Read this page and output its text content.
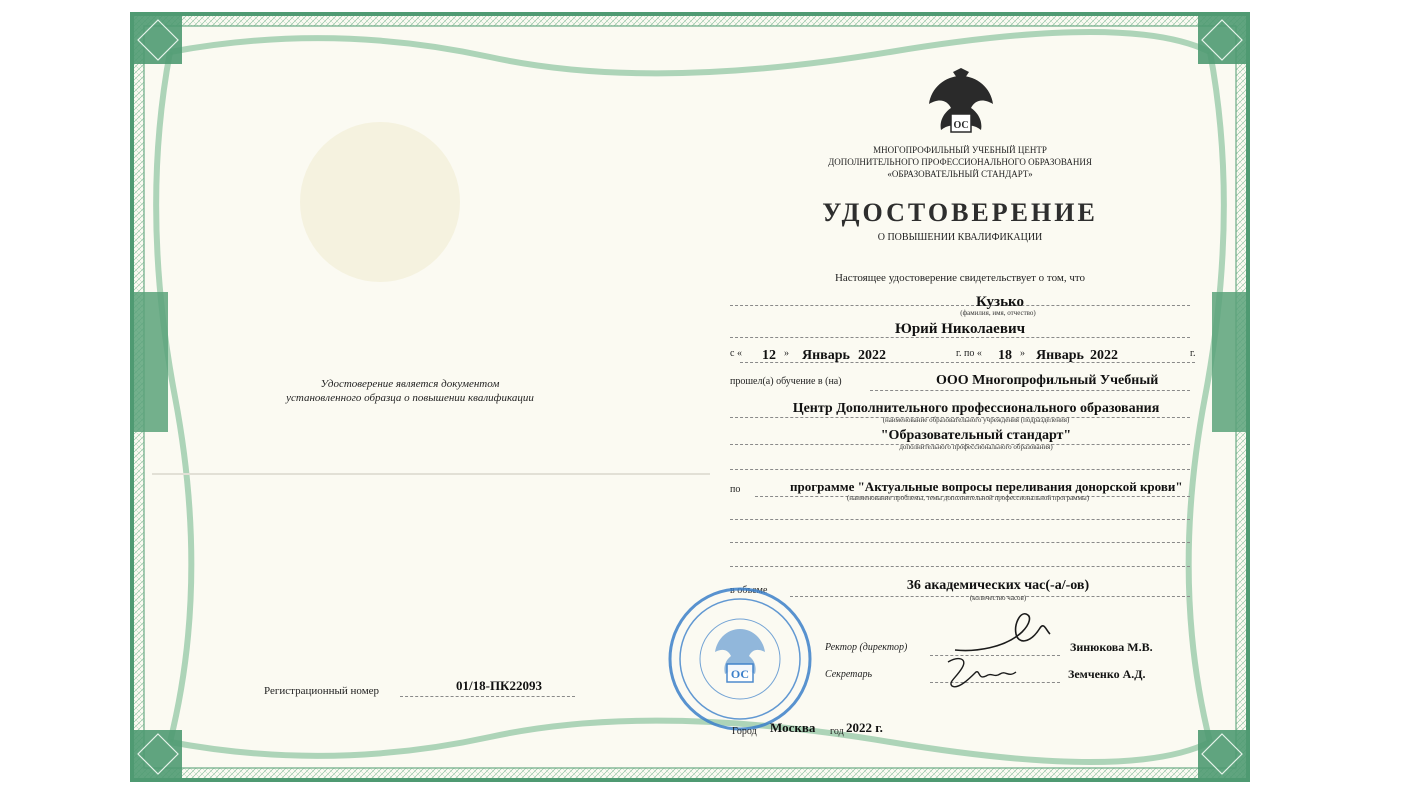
ОС
МНОГОПРОФИЛЬНЫЙ УЧЕБНЫЙ ЦЕНТР
ДОПОЛНИТЕЛЬНОГО ПРОФЕССИОНАЛЬНОГО ОБРАЗОВАНИЯ
«ОБРАЗОВАТЕЛЬНЫЙ СТАНДАРТ»
УДОСТОВЕРЕНИЕ
О ПОВЫШЕНИИ КВАЛИФИКАЦИИ
Настоящее удостоверение свидетельствует о том, что
Кузько
(фамилия, имя, отчество)
Юрий Николаевич
с « 12 » Январь 2022	г. по « 18 » Январь 2022	г.
прошел(а) обучение в (на)	ООО Многопрофильный Учебный
Центр Дополнительного профессионального образования
(наименование образовательного учреждения (подразделения)
"Образовательный стандарт"
дополнительного профессионального образования)
по	программе "Актуальные вопросы переливания донорской крови"
(наименование проблемы, темы дополнительной профессиональной программы)
в объеме	36 академических час(-а/-ов)
(количество часов)
ОС
Ректор (директор)	Зинюкова М.В.
Секретарь	Земченко А.Д.
Город Москва год 2022 г.
Удостоверение является документом
установленного образца о повышении квалификации
Регистрационный номер	01/18-ПК22093
